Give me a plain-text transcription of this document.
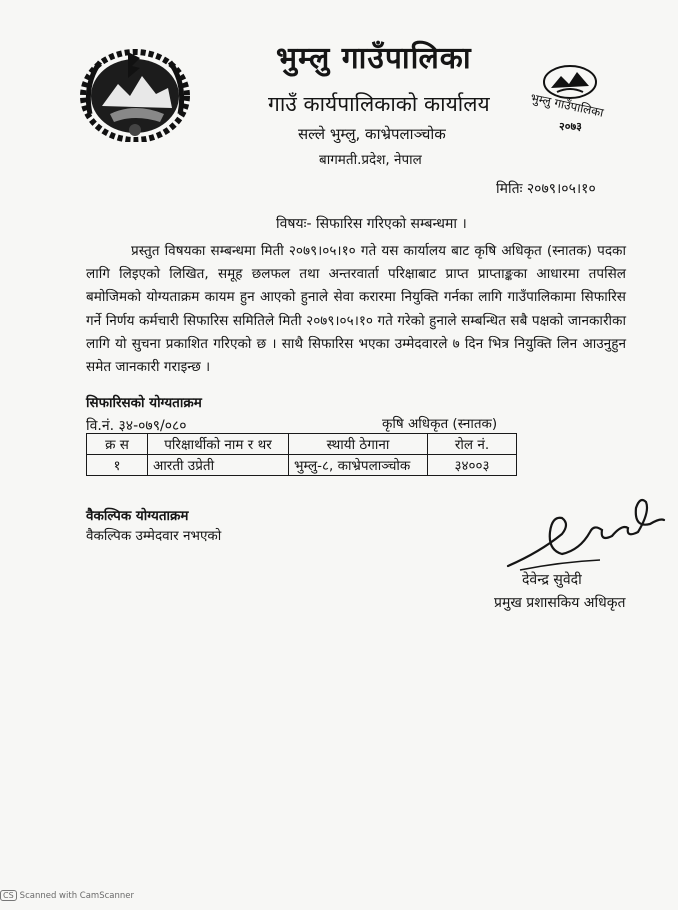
भुम्लु गाउँपालिका
२०७३
भुम्लु गाउँपालिका
गाउँ कार्यपालिकाको कार्यालय
सल्ले भुम्लु, काभ्रेपलाञ्चोक
बागमती.प्रदेश, नेपाल
मितिः २०७९।०५।१०
विषयः- सिफारिस गरिएको सम्बन्धमा ।
प्रस्तुत विषयका सम्बन्धमा मिती २०७९।०५।१० गते यस कार्यालय बाट कृषि अधिकृत (स्नातक) पदका लागि लिइएको लिखित, समूह छलफल तथा अन्तरवार्ता परिक्षाबाट प्राप्त प्राप्ताङ्कका आधारमा तपसिल बमोजिमको योग्यताक्रम कायम हुन आएको हुनाले सेवा करारमा नियुक्ति गर्नका लागि गाउँपालिकामा सिफारिस गर्ने निर्णय कर्मचारी सिफारिस समितिले मिती २०७९।०५।१० गते गरेको हुनाले सम्बन्धित सबै पक्षको जानकारीका लागि यो सुचना प्रकाशित गरिएको छ । साथै सिफारिस भएका उम्मेदवारले ७ दिन भित्र नियुक्ति लिन आउनुहुन समेत जानकारी गराइन्छ ।
सिफारिसको योग्यताक्रम
वि.नं. ३४-०७९/०८०	कृषि अधिकृत (स्नातक)
क्र स	परिक्षार्थीको नाम र थर	स्थायी ठेगाना	रोल नं.
१	आरती उप्रेती	भुम्लु-८, काभ्रेपलाञ्चोक	३४००३
वैकल्पिक योग्यताक्रम
वैकल्पिक उम्मेदवार नभएको
देवेन्द्र सुवेदी
प्रमुख प्रशासकिय अधिकृत
CS Scanned with CamScanner
